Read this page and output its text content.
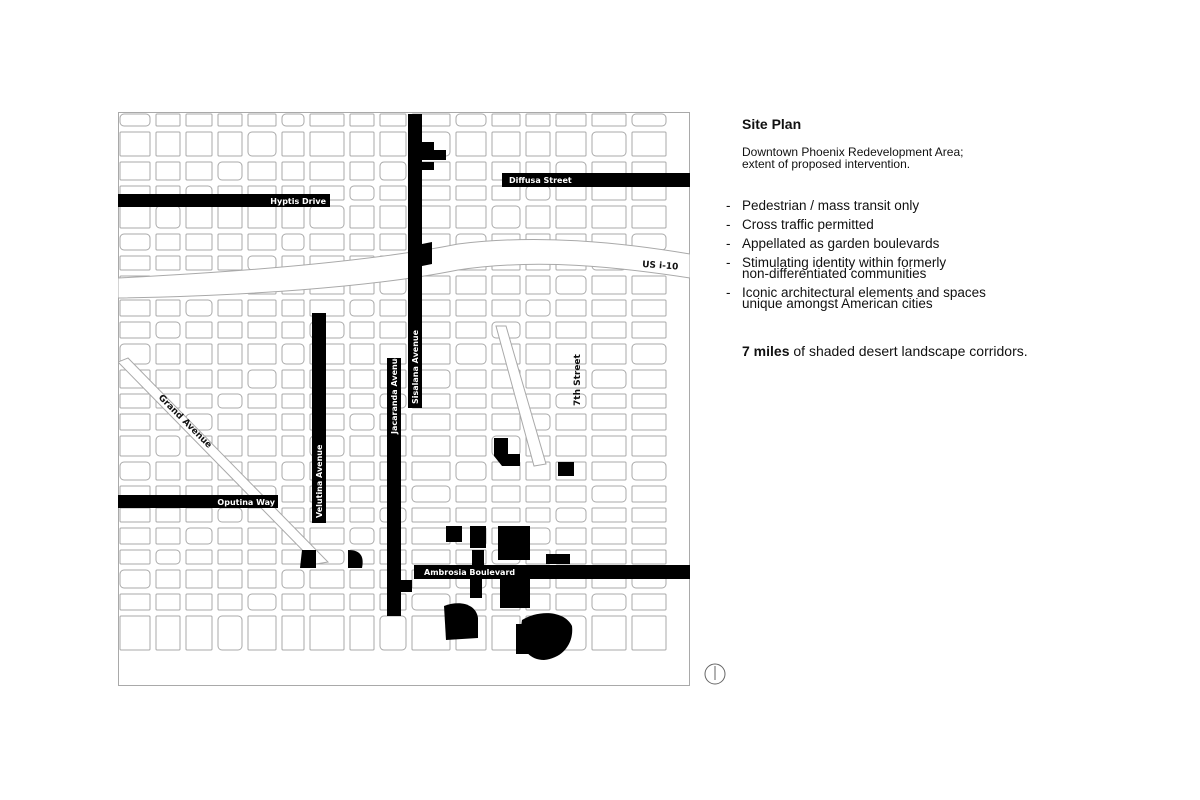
Hyptis Drive
Diffusa Street
Oputina Way
Ambrosia Boulevard
Sisalana Avenue
Jacaranda Avenue
Velutina Avenue
US i-10
7th Street
Grand Avenue
Site Plan
Downtown Phoenix Redevelopment Area;
extent of proposed intervention.
- Pedestrian / mass transit only
- Cross traffic permitted
- Appellated as garden boulevards
- Stimulating identity within formerly
non-differentiated communities
- Iconic architectural elements and spaces
unique amongst American cities
7 miles of shaded desert landscape corridors.
